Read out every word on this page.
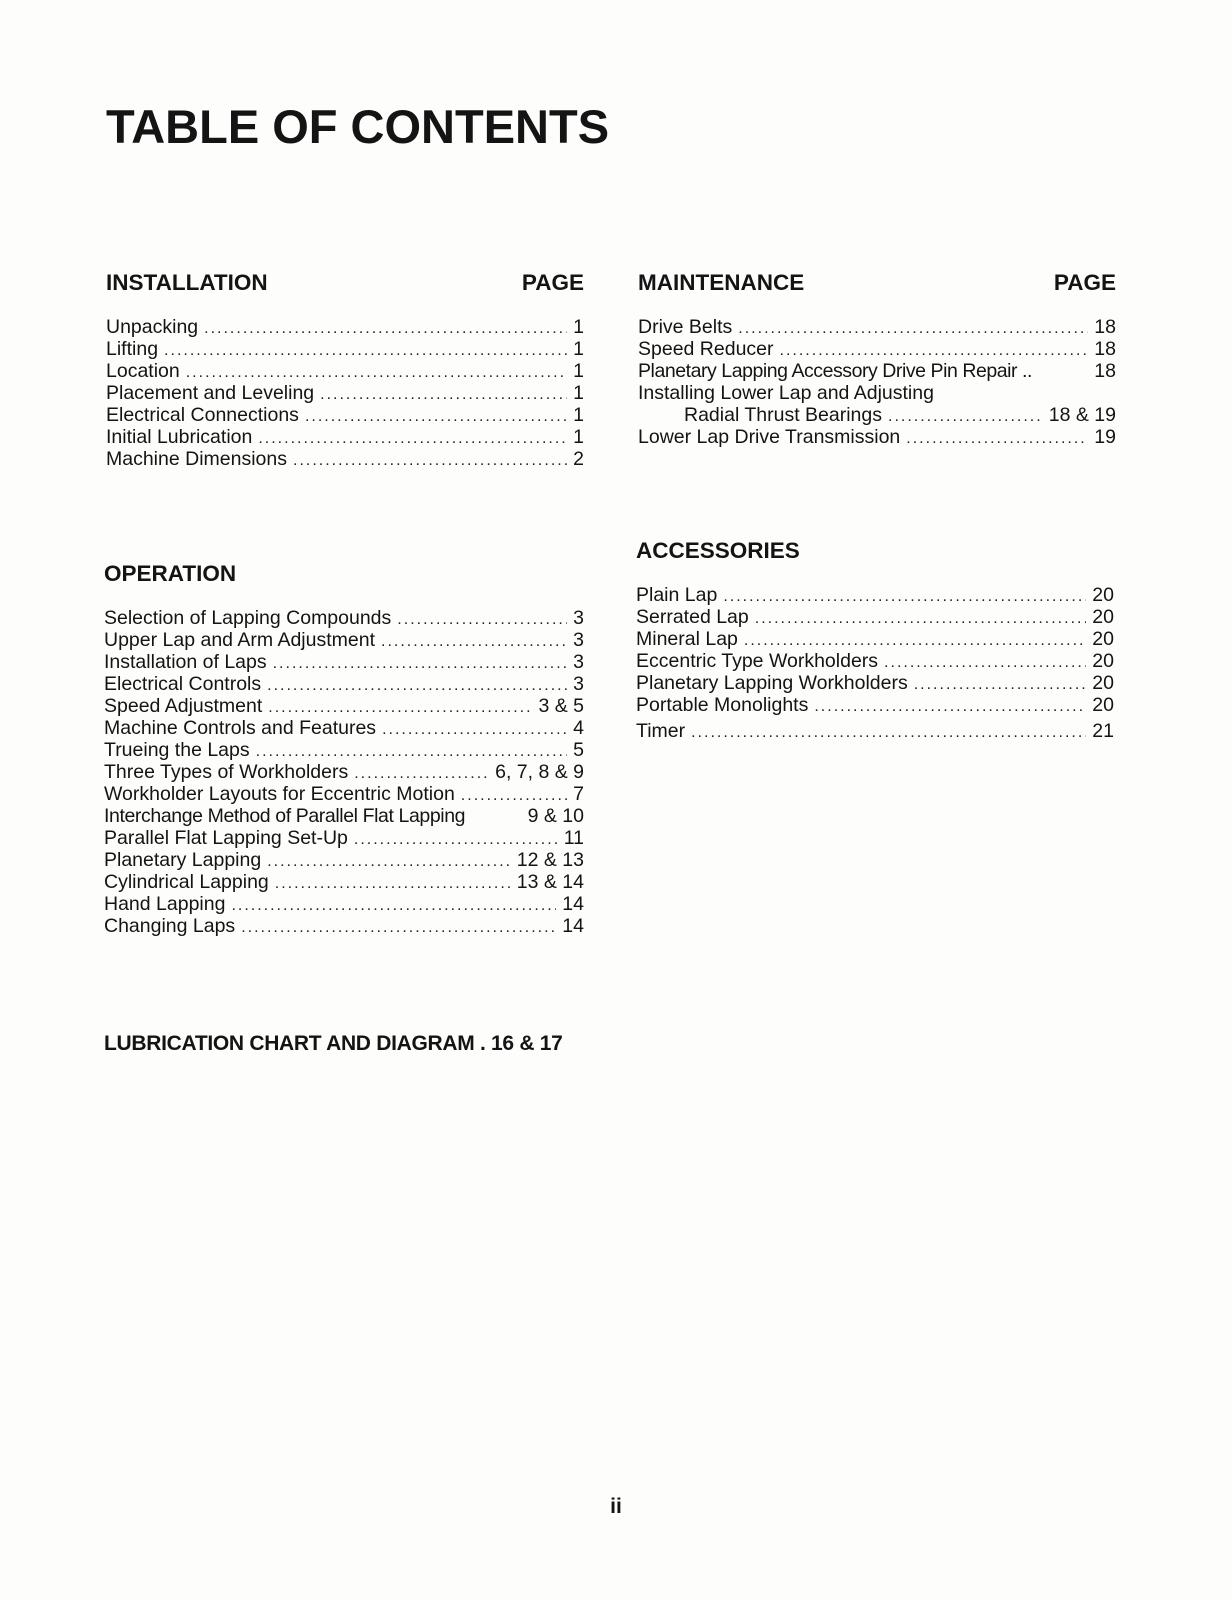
TABLE OF CONTENTS
INSTALLATION	PAGE
Unpacking .....	1
Lifting .....	1
Location .....	1
Placement and Leveling .....	1
Electrical Connections .....	1
Initial Lubrication .....	1
Machine Dimensions .....	2
MAINTENANCE	PAGE
Drive Belts .....	18
Speed Reducer .....	18
Planetary Lapping Accessory Drive Pin Repair ..	18
Installing Lower Lap and Adjusting
Radial Thrust Bearings .....	18 & 19
Lower Lap Drive Transmission .....	19
ACCESSORIES
Plain Lap .....	20
Serrated Lap .....	20
Mineral Lap .....	20
Eccentric Type Workholders .....	20
Planetary Lapping Workholders .....	20
Portable Monolights .....	20
Timer .....	21
OPERATION
Selection of Lapping Compounds .....	3
Upper Lap and Arm Adjustment .....	3
Installation of Laps .....	3
Electrical Controls .....	3
Speed Adjustment .....	3 & 5
Machine Controls and Features .....	4
Trueing the Laps .....	5
Three Types of Workholders .....	6, 7, 8 & 9
Workholder Layouts for Eccentric Motion .....	7
Interchange Method of Parallel Flat Lapping	9 & 10
Parallel Flat Lapping Set-Up .....	11
Planetary Lapping .....	12 & 13
Cylindrical Lapping .....	13 & 14
Hand Lapping .....	14
Changing Laps .....	14
LUBRICATION CHART AND DIAGRAM . 16 & 17
ii
